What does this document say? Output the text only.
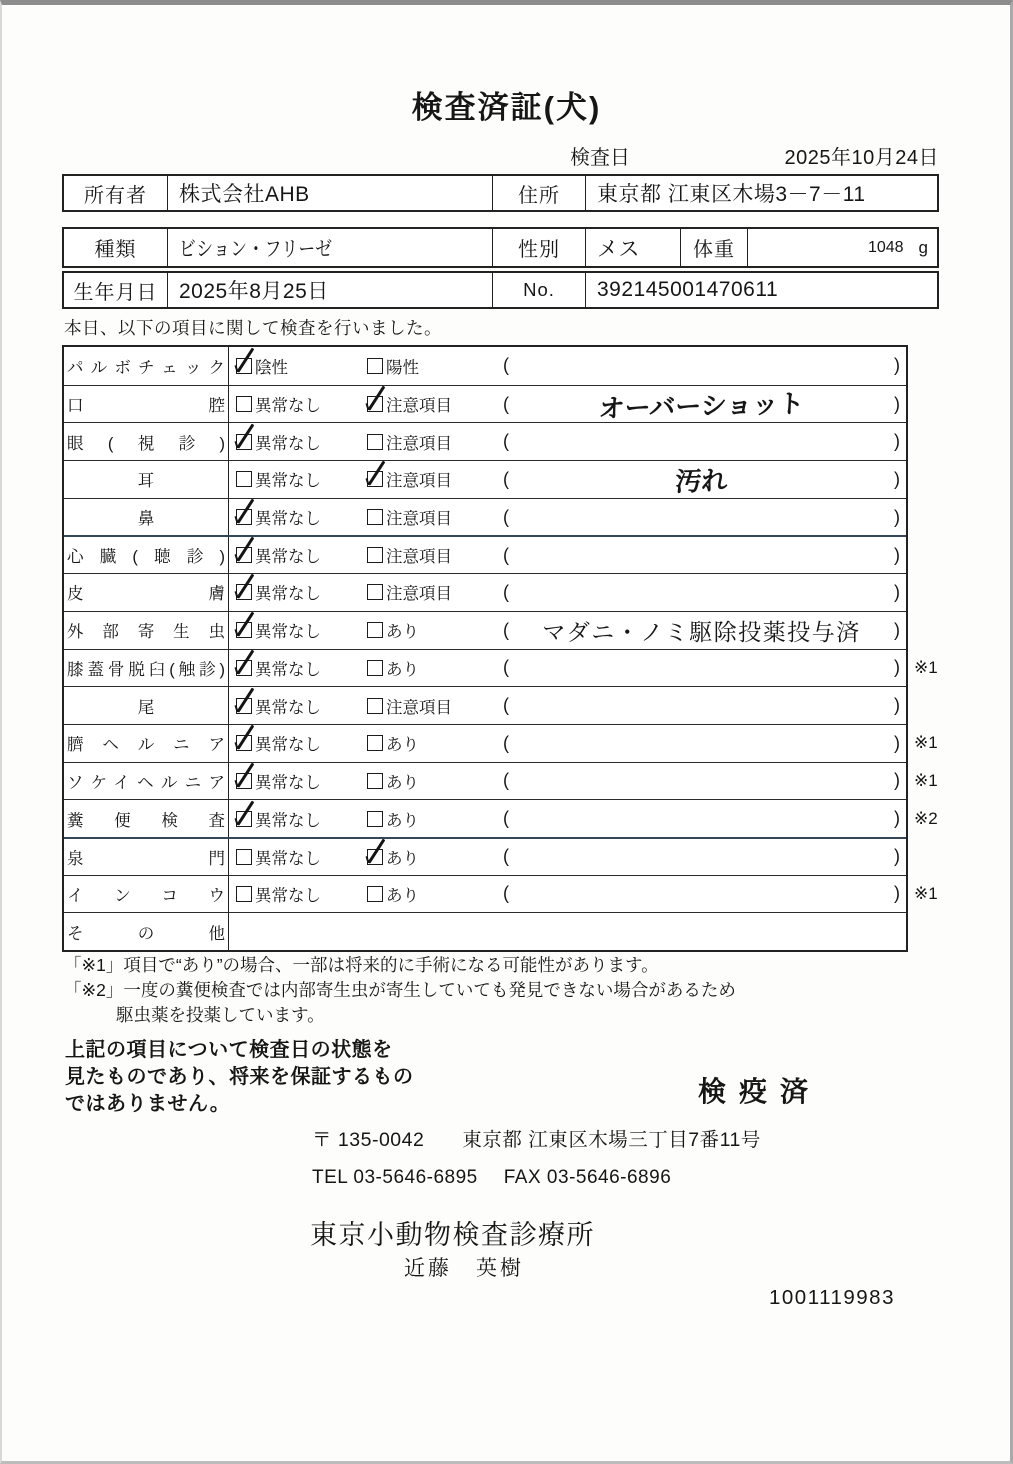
検査済証(犬)
検査日	2025年10月24日
所有者	株式会社AHB	住所	東京都 江東区木場3－7－11
種類	ビション・フリーゼ	性別	メス	体重	1048 g
生年月日	2025年8月25日	No.	392145001470611
本日、以下の項目に関して検査を行いました。
パルボチェック 陰性	陽性	(	)
口腔 異常なし	注意項目	(	オーバーショット	)
眼(視診) 異常なし	注意項目	(	)
耳	異常なし	注意項目	(	汚れ	)
鼻	異常なし	注意項目	(	)
心臓(聴診) 異常なし	注意項目	(	)
皮膚 異常なし	注意項目	(	)
外部寄生虫 異常なし	あり	(	マダニ・ノミ駆除投薬投与済	)
膝蓋骨脱臼(触診) 異常なし	あり	(	) ※1
尾	異常なし	注意項目	(	)
臍ヘルニア 異常なし	あり	(	) ※1
ソケイヘルニア 異常なし	あり	(	) ※1
糞便検査 異常なし	あり	(	) ※2
泉門 異常なし	あり	(	)
インコウ 異常なし	あり	(	) ※1
その他
「※1」項目で“あり”の場合、一部は将来的に手術になる可能性があります。
「※2」一度の糞便検査では内部寄生虫が寄生していても発見できない場合があるため
駆虫薬を投薬しています。
上記の項目について検査日の状態を
見たものであり、将来を保証するもの
ではありません。	検疫済
〒 135-0042 東京都 江東区木場三丁目7番11号
TEL 03-5646-6895 FAX 03-5646-6896
東京小動物検査診療所
近藤　英樹
1001119983
